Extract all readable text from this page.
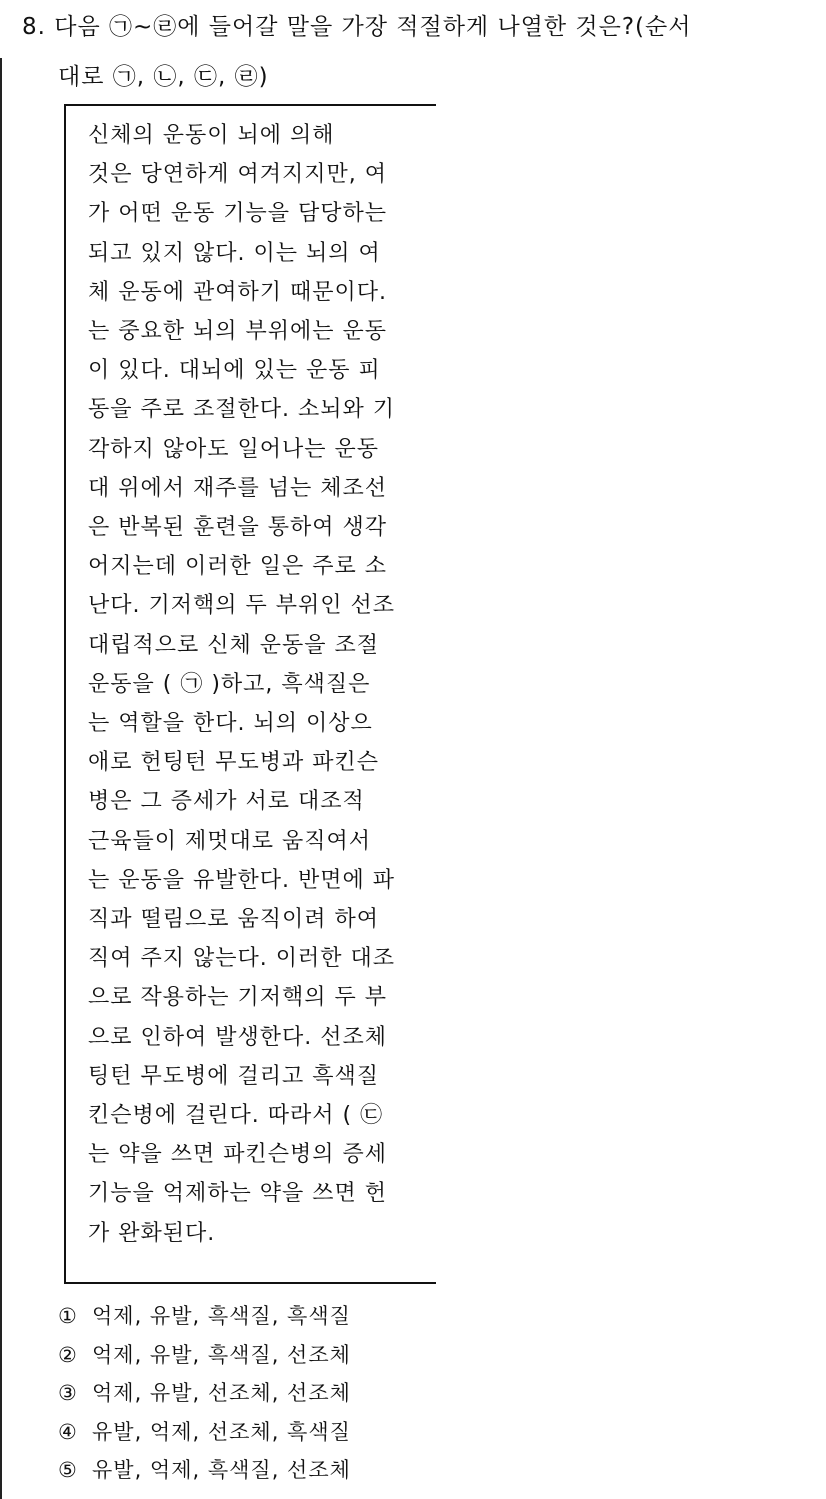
8. 다음 ㉠~㉣에 들어갈 말을 가장 적절하게 나열한 것은?(순서
대로 ㉠, ㉡, ㉢, ㉣)
신체의 운동이 뇌에 의해
것은 당연하게 여겨지지만, 여
가 어떤 운동 기능을 담당하는
되고 있지 않다. 이는 뇌의 여
체 운동에 관여하기 때문이다.
는 중요한 뇌의 부위에는 운동
이 있다. 대뇌에 있는 운동 피
동을 주로 조절한다. 소뇌와 기
각하지 않아도 일어나는 운동
대 위에서 재주를 넘는 체조선
은 반복된 훈련을 통하여 생각
어지는데 이러한 일은 주로 소
난다. 기저핵의 두 부위인 선조
대립적으로 신체 운동을 조절
운동을 ( ㉠ )하고, 흑색질은
는 역할을 한다. 뇌의 이상으
애로 헌팅턴 무도병과 파킨슨
병은 그 증세가 서로 대조적
근육들이 제멋대로 움직여서
는 운동을 유발한다. 반면에 파
직과 떨림으로 움직이려 하여
직여 주지 않는다. 이러한 대조
으로 작용하는 기저핵의 두 부
으로 인하여 발생한다. 선조체
팅턴 무도병에 걸리고 흑색질
킨슨병에 걸린다. 따라서 ( ㉢
는 약을 쓰면 파킨슨병의 증세
기능을 억제하는 약을 쓰면 헌
가 완화된다.
① 억제, 유발, 흑색질, 흑색질
② 억제, 유발, 흑색질, 선조체
③ 억제, 유발, 선조체, 선조체
④ 유발, 억제, 선조체, 흑색질
⑤ 유발, 억제, 흑색질, 선조체
